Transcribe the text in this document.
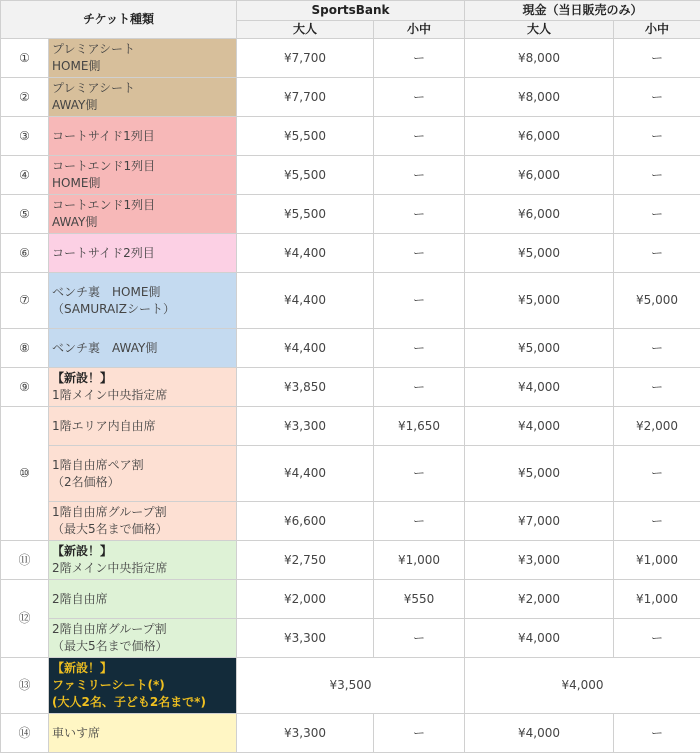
チケット種類		SportsBank		現金（当日販売のみ）	
		大人	小中	大人	小中
①	プレミアシート
HOME側	¥7,700	ー	¥8,000	ー
②	プレミアシート
AWAY側	¥7,700	ー	¥8,000	ー
③	コートサイド1列目	¥5,500	ー	¥6,000	ー
④	コートエンド1列目
HOME側	¥5,500	ー	¥6,000	ー
⑤	コートエンド1列目
AWAY側	¥5,500	ー	¥6,000	ー
⑥	コートサイド2列目	¥4,400	ー	¥5,000	ー
⑦	ベンチ裏　HOME側
（SAMURAIZシート）	¥4,400	ー	¥5,000	¥5,000
⑧	ベンチ裏　AWAY側	¥4,400	ー	¥5,000	ー
⑨	【新設！】
1階メイン中央指定席	¥3,850	ー	¥4,000	ー
⑩	1階エリア内自由席	¥3,300	¥1,650	¥4,000	¥2,000

	1階自由席ペア割
（2名価格）	¥4,400	ー	¥5,000	ー

	1階自由席グループ割
（最大5名まで価格）	¥6,600	ー	¥7,000	ー
⑪	【新設！】
2階メイン中央指定席	¥2,750	¥1,000	¥3,000	¥1,000
⑫	2階自由席	¥2,000	¥550	¥2,000	¥1,000

	2階自由席グループ割
（最大5名まで価格）	¥3,300	ー	¥4,000	ー
⑬	【新設！】
ファミリーシート(*)
(大人2名、子ども2名まで*)	¥3,500		¥4,000	
⑭	車いす席	¥3,300	ー	¥4,000	ー
